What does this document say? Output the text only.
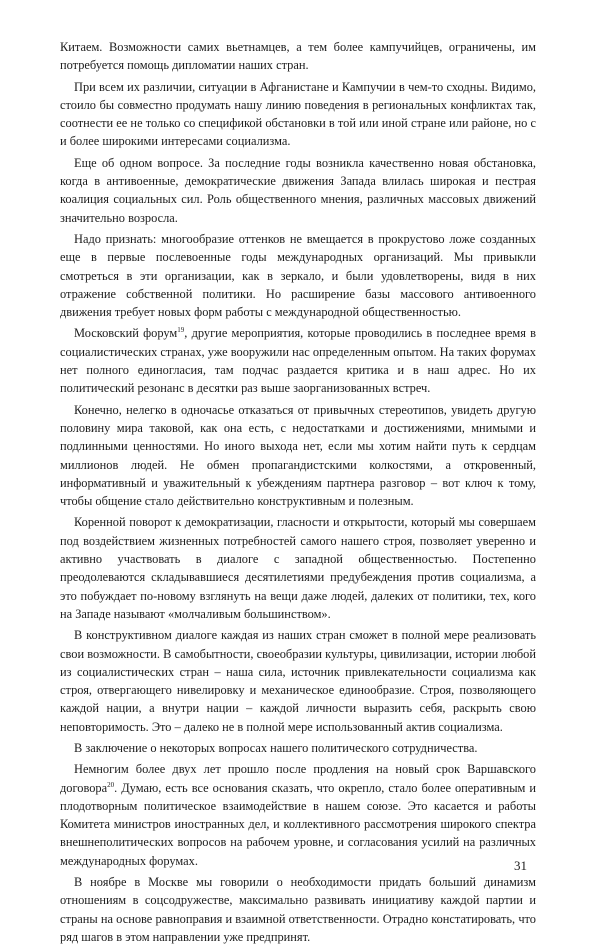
Китаем. Возможности самих вьетнамцев, а тем более кампучийцев, ограничены, им потребуется помощь дипломатии наших стран.

При всем их различии, ситуации в Афганистане и Кампучии в чем-то сходны. Видимо, стоило бы совместно продумать нашу линию поведения в региональных конфликтах так, соотнести ее не только со спецификой обстановки в той или иной стране или районе, но с и более широкими интересами социализма.

Еще об одном вопросе. За последние годы возникла качественно новая обстановка, когда в антивоенные, демократические движения Запада влилась широкая и пестрая коалиция социальных сил. Роль общественного мнения, различных массовых движений значительно возросла.

Надо признать: многообразие оттенков не вмещается в прокрустово ложе созданных еще в первые послевоенные годы международных организаций. Мы привыкли смотреться в эти организации, как в зеркало, и были удовлетворены, видя в них отражение собственной политики. Но расширение базы массового антивоенного движения требует новых форм работы с международной общественностью.

Московский форум$^{19}$, другие мероприятия, которые проводились в последнее время в социалистических странах, уже вооружили нас определенным опытом. На таких форумах нет полного единогласия, там подчас раздается критика и в наш адрес. Но их политический резонанс в десятки раз выше заорганизованных встреч.

Конечно, нелегко в одночасье отказаться от привычных стереотипов, увидеть другую половину мира таковой, как она есть, с недостатками и достижениями, мнимыми и подлинными ценностями. Но иного выхода нет, если мы хотим найти путь к сердцам миллионов людей. Не обмен пропагандистскими колкостями, а откровенный, информативный и уважительный к убеждениям партнера разговор – вот ключ к тому, чтобы общение стало действительно конструктивным и полезным.

Коренной поворот к демократизации, гласности и открытости, который мы совершаем под воздействием жизненных потребностей самого нашего строя, позволяет уверенно и активно участвовать в диалоге с западной общественностью. Постепенно преодолеваются складывавшиеся десятилетиями предубеждения против социализма, а это побуждает по-новому взглянуть на вещи даже людей, далеких от политики, тех, кого на Западе называют «молчаливым большинством».

В конструктивном диалоге каждая из наших стран сможет в полной мере реализовать свои возможности. В самобытности, своеобразии культуры, цивилизации, истории любой из социалистических стран – наша сила, источник привлекательности социализма как строя, отвергающего нивелировку и механическое единообразие. Строя, позволяющего каждой нации, а внутри нации – каждой личности выразить себя, раскрыть свою неповторимость. Это – далеко не в полной мере использованный актив социализма.

В заключение о некоторых вопросах нашего политического сотрудничества.

Немногим более двух лет прошло после продления на новый срок Варшавского договора$^{20}$. Думаю, есть все основания сказать, что окрепло, стало более оперативным и плодотворным политическое взаимодействие в нашем союзе. Это касается и работы Комитета министров иностранных дел, и коллективного рассмотрения широкого спектра внешнеполитических вопросов на рабочем уровне, и согласования усилий на различных международных форумах.

В ноябре в Москве мы говорили о необходимости придать больший динамизм отношениям в соцсодружестве, максимально развивать инициативу каждой партии и страны на основе равноправия и взаимной ответственности. Отрадно констатировать, что ряд шагов в этом направлении уже предпринят.

31
